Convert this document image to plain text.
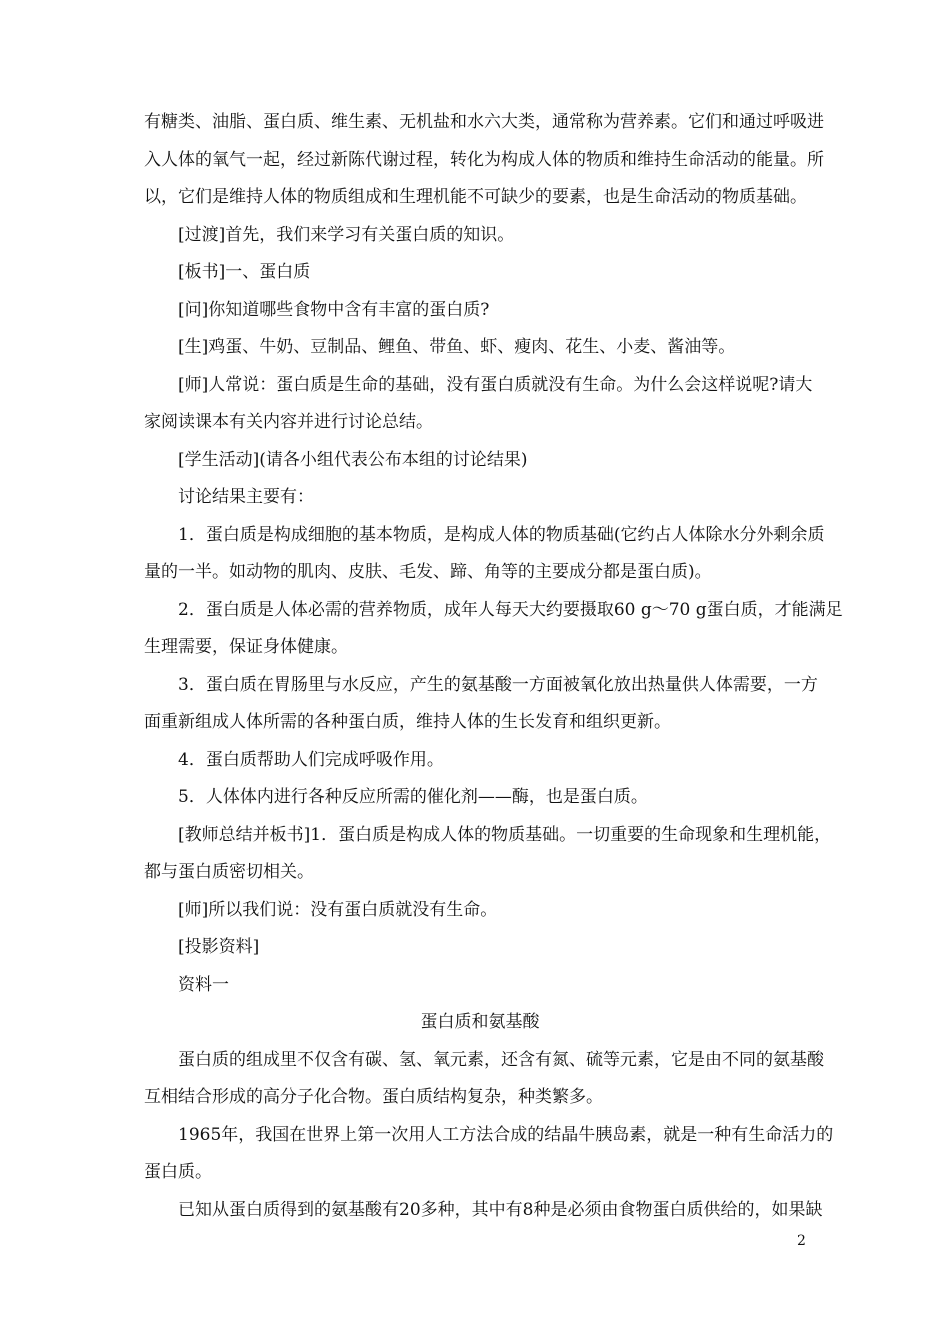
有糖类、油脂、蛋白质、维生素、无机盐和水六大类，通常称为营养素。它们和通过呼吸进
入人体的氧气一起，经过新陈代谢过程，转化为构成人体的物质和维持生命活动的能量。所
以，它们是维持人体的物质组成和生理机能不可缺少的要素，也是生命活动的物质基础。
[过渡]首先，我们来学习有关蛋白质的知识。
[板书]一、蛋白质
[问]你知道哪些食物中含有丰富的蛋白质?
[生]鸡蛋、牛奶、豆制品、鲤鱼、带鱼、虾、瘦肉、花生、小麦、酱油等。
[师]人常说：蛋白质是生命的基础，没有蛋白质就没有生命。为什么会这样说呢?请大
家阅读课本有关内容并进行讨论总结。
[学生活动](请各小组代表公布本组的讨论结果)
讨论结果主要有：
1．蛋白质是构成细胞的基本物质，是构成人体的物质基础(它约占人体除水分外剩余质
量的一半。如动物的肌肉、皮肤、毛发、蹄、角等的主要成分都是蛋白质)。
2．蛋白质是人体必需的营养物质，成年人每天大约要摄取60 g～70 g蛋白质，才能满足
生理需要，保证身体健康。
3．蛋白质在胃肠里与水反应，产生的氨基酸一方面被氧化放出热量供人体需要，一方
面重新组成人体所需的各种蛋白质，维持人体的生长发育和组织更新。
4．蛋白质帮助人们完成呼吸作用。
5．人体体内进行各种反应所需的催化剂——酶，也是蛋白质。
[教师总结并板书]1．蛋白质是构成人体的物质基础。一切重要的生命现象和生理机能，
都与蛋白质密切相关。
[师]所以我们说：没有蛋白质就没有生命。
[投影资料]
资料一
蛋白质和氨基酸
蛋白质的组成里不仅含有碳、氢、氧元素，还含有氮、硫等元素，它是由不同的氨基酸
互相结合形成的高分子化合物。蛋白质结构复杂，种类繁多。
1965年，我国在世界上第一次用人工方法合成的结晶牛胰岛素，就是一种有生命活力的
蛋白质。
已知从蛋白质得到的氨基酸有20多种，其中有8种是必须由食物蛋白质供给的，如果缺
2
